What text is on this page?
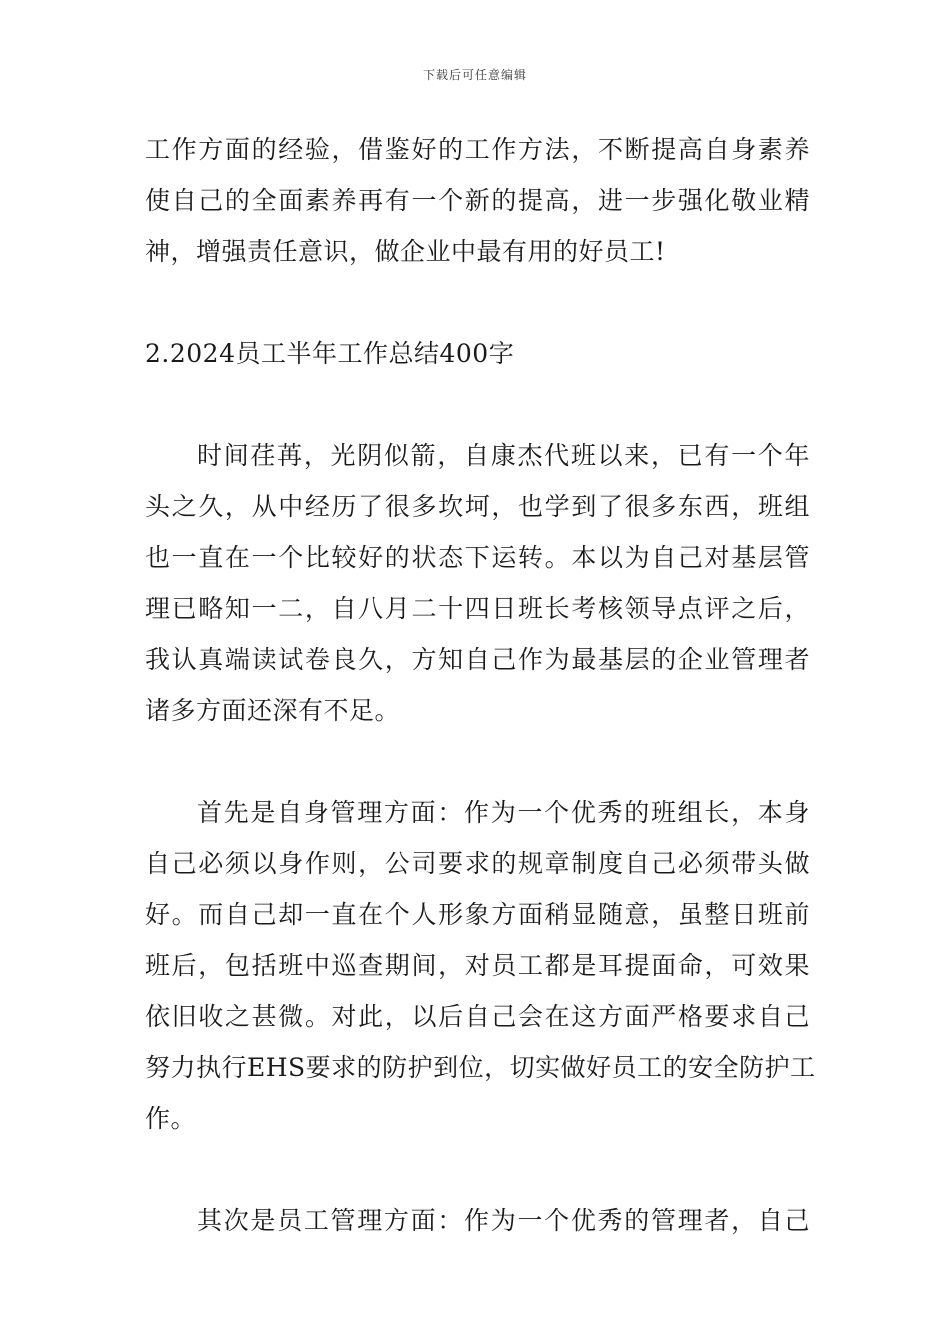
下载后可任意编辑
工作方面的经验，借鉴好的工作方法，不断提高自身素养
使自己的全面素养再有一个新的提高，进一步强化敬业精
神，增强责任意识，做企业中最有用的好员工!
2.2024员工半年工作总结400字
时间荏苒，光阴似箭，自康杰代班以来，已有一个年
头之久，从中经历了很多坎坷，也学到了很多东西，班组
也一直在一个比较好的状态下运转。本以为自己对基层管
理已略知一二，自八月二十四日班长考核领导点评之后，
我认真端读试卷良久，方知自己作为最基层的企业管理者
诸多方面还深有不足。
首先是自身管理方面：作为一个优秀的班组长，本身
自己必须以身作则，公司要求的规章制度自己必须带头做
好。而自己却一直在个人形象方面稍显随意，虽整日班前
班后，包括班中巡查期间，对员工都是耳提面命，可效果
依旧收之甚微。对此，以后自己会在这方面严格要求自己
努力执行EHS要求的防护到位，切实做好员工的安全防护工
作。
其次是员工管理方面：作为一个优秀的管理者，自己
